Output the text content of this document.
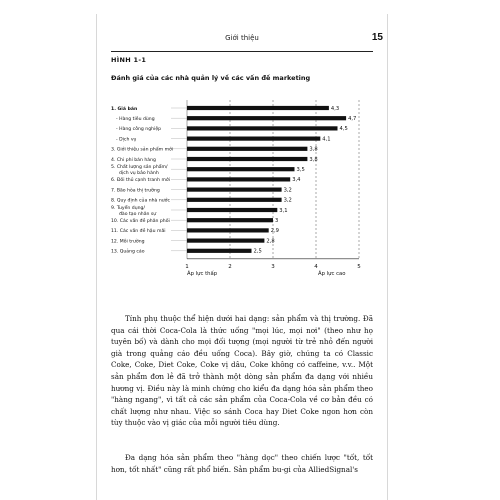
Giới thiệu	15
HÌNH 1-1
Đánh giá của các nhà quản lý về các vấn đề marketing
1	2	3	4	5
Áp lực thấp	Áp lực cao
1. Giá bán	4,3
- Hàng tiêu dùng	4,7
- Hàng công nghiệp	4,5
- Dịch vụ	4,1
3. Giới thiệu sản phẩm mới	3,8
4. Chi phí bán hàng	3,8
5. Chất lượng sản phẩm/
dịch vụ bảo hành
3,5
6. Đối thủ cạnh tranh mới	3,4
7. Bão hòa thị trường	3,2
8. Quy định của nhà nước	3,2
9. Tuyển dụng/
đào tạo nhân sự
3,1
10. Các vấn đề phân phối	3
11. Các vấn đề hậu mãi	2,9
12. Môi trường	2,8
13. Quảng cáo	2,5

Tính phụ thuộc thể hiện dưới hai dạng: sản phẩm và thị trường. Đã qua cái thời Coca-Cola là thức uống "mọi lúc, mọi nơi" (theo như họ tuyên bố) và dành cho mọi đối tượng (mọi người từ trẻ nhỏ đến người già trong quảng cáo đều uống Coca). Bây giờ, chúng ta có Classic Coke, Coke, Diet Coke, Coke vị dâu, Coke không có caffeine, v.v.. Một sản phẩm đơn lẻ đã trở thành một dòng sản phẩm đa dạng với nhiều hương vị. Điều này là minh chứng cho kiểu đa dạng hóa sản phẩm theo "hàng ngang", vì tất cả các sản phẩm của Coca-Cola về cơ bản đều có chất lượng như nhau. Việc so sánh Coca hay Diet Coke ngon hơn còn tùy thuộc vào vị giác của mỗi người tiêu dùng.

Đa dạng hóa sản phẩm theo "hàng dọc" theo chiến lược "tốt, tốt hơn, tốt nhất" cũng rất phổ biến. Sản phẩm bu-gi của AlliedSignal's
